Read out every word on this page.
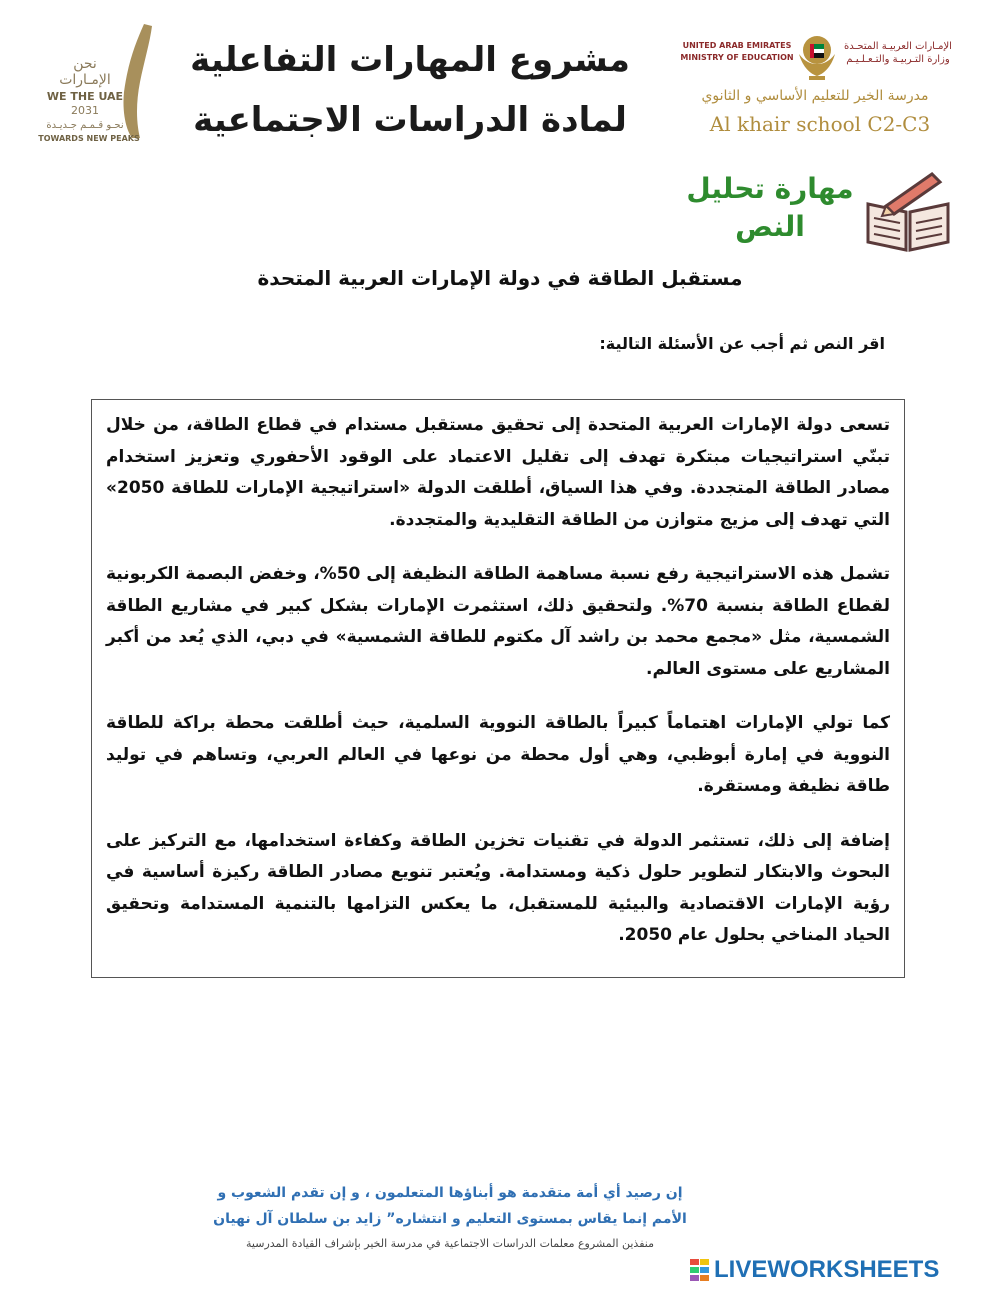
نحن الإمـارات
WE THE UAE
2031
نحـو قـمـم جـديـدة
TOWARDS NEW PEAKS
مشروع المهارات التفاعلية
لمادة الدراسات الاجتماعية
UNITED ARAB EMIRATES
MINISTRY OF EDUCATION
الإمـارات العربيـة المتحـدة
وزارة التـربيـة والتـعـلـيـم
مدرسة الخير للتعليم الأساسي و الثانوي
Al khair school C2-C3
مهارة تحليل
النص
مستقبل الطاقة في دولة الإمارات العربية المتحدة
اقر النص ثم أجب عن الأسئلة التالية:

تسعى دولة الإمارات العربية المتحدة إلى تحقيق مستقبل مستدام في قطاع الطاقة، من خلال تبنّي استراتيجيات مبتكرة تهدف إلى تقليل الاعتماد على الوقود الأحفوري وتعزيز استخدام مصادر الطاقة المتجددة. وفي هذا السياق، أطلقت الدولة «استراتيجية الإمارات للطاقة 2050» التي تهدف إلى مزيج متوازن من الطاقة التقليدية والمتجددة.

تشمل هذه الاستراتيجية رفع نسبة مساهمة الطاقة النظيفة إلى 50%، وخفض البصمة الكربونية لقطاع الطاقة بنسبة 70%. ولتحقيق ذلك، استثمرت الإمارات بشكل كبير في مشاريع الطاقة الشمسية، مثل «مجمع محمد بن راشد آل مكتوم للطاقة الشمسية» في دبي، الذي يُعد من أكبر المشاريع على مستوى العالم.

كما تولي الإمارات اهتماماً كبيراً بالطاقة النووية السلمية، حيث أطلقت محطة براكة للطاقة النووية في إمارة أبوظبي، وهي أول محطة من نوعها في العالم العربي، وتساهم في توليد طاقة نظيفة ومستقرة.

إضافة إلى ذلك، تستثمر الدولة في تقنيات تخزين الطاقة وكفاءة استخدامها، مع التركيز على البحوث والابتكار لتطوير حلول ذكية ومستدامة. ويُعتبر تنويع مصادر الطاقة ركيزة أساسية في رؤية الإمارات الاقتصادية والبيئية للمستقبل، ما يعكس التزامها بالتنمية المستدامة وتحقيق الحياد المناخي بحلول عام 2050.

إن رصيد أي أمة متقدمة هو أبناؤها المتعلمون ، و إن تقدم الشعوب و
الأمم إنما يقاس بمستوى التعليم و انتشاره” زايد بن سلطان آل نهيان
منفذين المشروع معلمات الدراسات الاجتماعية في مدرسة الخير بإشراف القيادة المدرسية
LIVEWORKSHEETS
